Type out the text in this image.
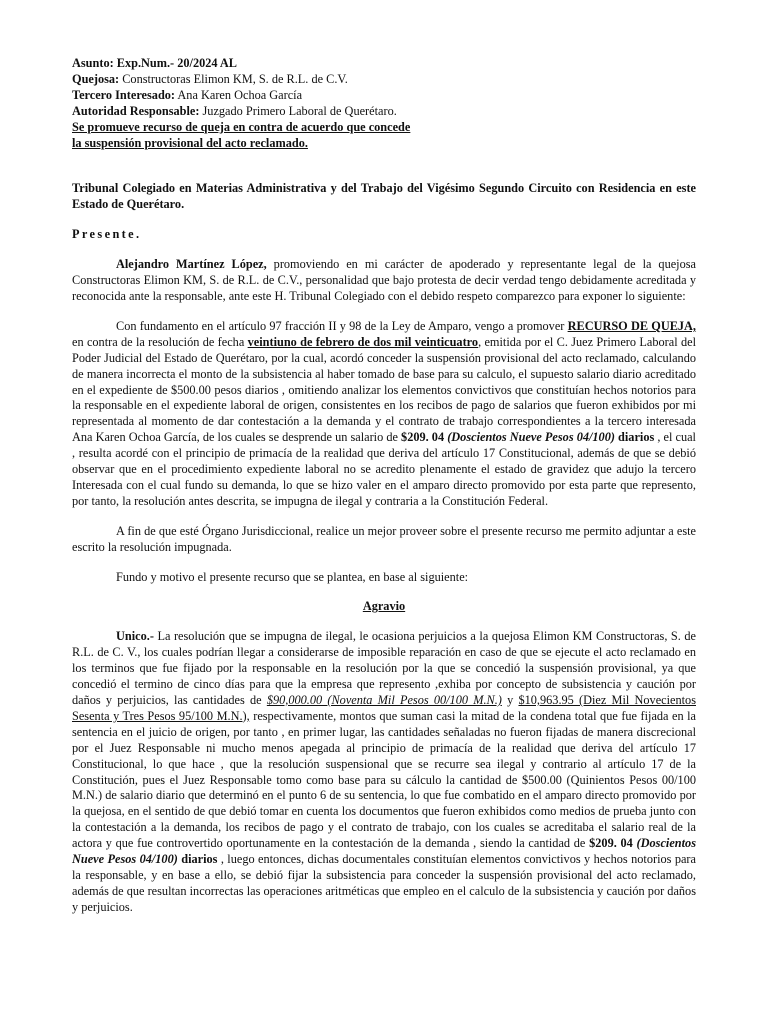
Asunto: Exp.Num.- 20/2024 AL

Quejosa: Constructoras Elimon KM, S. de R.L. de C.V.

Tercero Interesado: Ana Karen Ochoa García

Autoridad Responsable: Juzgado Primero Laboral de Querétaro.

Se promueve recurso de queja en contra de acuerdo que concede

la suspensión provisional del acto reclamado.

Tribunal Colegiado en Materias Administrativa y del Trabajo del Vigésimo Segundo Circuito con Residencia en este Estado de Querétaro.

Presente.

Alejandro Martínez López, promoviendo en mi carácter de apoderado y representante legal de la quejosa Constructoras Elimon KM, S. de R.L. de C.V., personalidad que bajo protesta de decir verdad tengo debidamente acreditada y reconocida ante la responsable, ante este H. Tribunal Colegiado con el debido respeto comparezco para exponer lo siguiente:

Con fundamento en el artículo 97 fracción II y 98 de la Ley de Amparo, vengo a promover RECURSO DE QUEJA, en contra de la resolución de fecha veintiuno de febrero de dos mil veinticuatro, emitida por el C. Juez Primero Laboral del Poder Judicial del Estado de Querétaro, por la cual, acordó conceder la suspensión provisional del acto reclamado, calculando de manera incorrecta el monto de la subsistencia al haber tomado de base para su calculo, el supuesto salario diario acreditado en el expediente de $500.00 pesos diarios , omitiendo analizar los elementos convictivos que constituían hechos notorios para la responsable en el expediente laboral de origen, consistentes en los recibos de pago de salarios que fueron exhibidos por mi representada al momento de dar contestación a la demanda y el contrato de trabajo correspondientes a la tercero interesada Ana Karen Ochoa García, de los cuales se desprende un salario de $209. 04 (Doscientos Nueve Pesos 04/100) diarios , el cual , resulta acordé con el principio de primacía de la realidad que deriva del artículo 17 Constitucional, además de que se debió observar que en el procedimiento expediente laboral no se acredito plenamente el estado de gravidez que adujo la tercero Interesada con el cual fundo su demanda, lo que se hizo valer en el amparo directo promovido por esta parte que represento, por tanto, la resolución antes descrita, se impugna de ilegal y contraria a la Constitución Federal.

A fin de que esté Órgano Jurisdiccional, realice un mejor proveer sobre el presente recurso me permito adjuntar a este escrito la resolución impugnada.

Fundo y motivo el presente recurso que se plantea, en base al siguiente:

Agravio

Unico.- La resolución que se impugna de ilegal, le ocasiona perjuicios a la quejosa Elimon KM Constructoras, S. de R.L. de C. V., los cuales podrían llegar a considerarse de imposible reparación en caso de que se ejecute el acto reclamado en los terminos que fue fijado por la responsable en la resolución por la que se concedió la suspensión provisional, ya que concedió el termino de cinco días para que la empresa que represento ,exhiba por concepto de subsistencia y caución por daños y perjuicios, las cantidades de $90,000.00 (Noventa Mil Pesos 00/100 M.N.) y $10,963.95 (Diez Mil Novecientos Sesenta y Tres Pesos 95/100 M.N.), respectivamente, montos que suman casi la mitad de la condena total que fue fijada en la sentencia en el juicio de origen, por tanto , en primer lugar, las cantidades señaladas no fueron fijadas de manera discrecional por el Juez Responsable ni mucho menos apegada al principio de primacía de la realidad que deriva del artículo 17 Constitucional, lo que hace , que la resolución suspensional que se recurre sea ilegal y contrario al artículo 17 de la Constitución, pues el Juez Responsable tomo como base para su cálculo la cantidad de $500.00 (Quinientos Pesos 00/100 M.N.) de salario diario que determinó en el punto 6 de su sentencia, lo que fue combatido en el amparo directo promovido por la quejosa, en el sentido de que debió tomar en cuenta los documentos que fueron exhibidos como medios de prueba junto con la contestación a la demanda, los recibos de pago y el contrato de trabajo, con los cuales se acreditaba el salario real de la actora y que fue controvertido oportunamente en la contestación de la demanda , siendo la cantidad de $209. 04 (Doscientos Nueve Pesos 04/100) diarios , luego entonces, dichas documentales constituían elementos convictivos y hechos notorios para la responsable, y en base a ello, se debió fijar la subsistencia para conceder la suspensión provisional del acto reclamado, además de que resultan incorrectas las operaciones aritméticas que empleo en el calculo de la subsistencia y caución por daños y perjuicios.
